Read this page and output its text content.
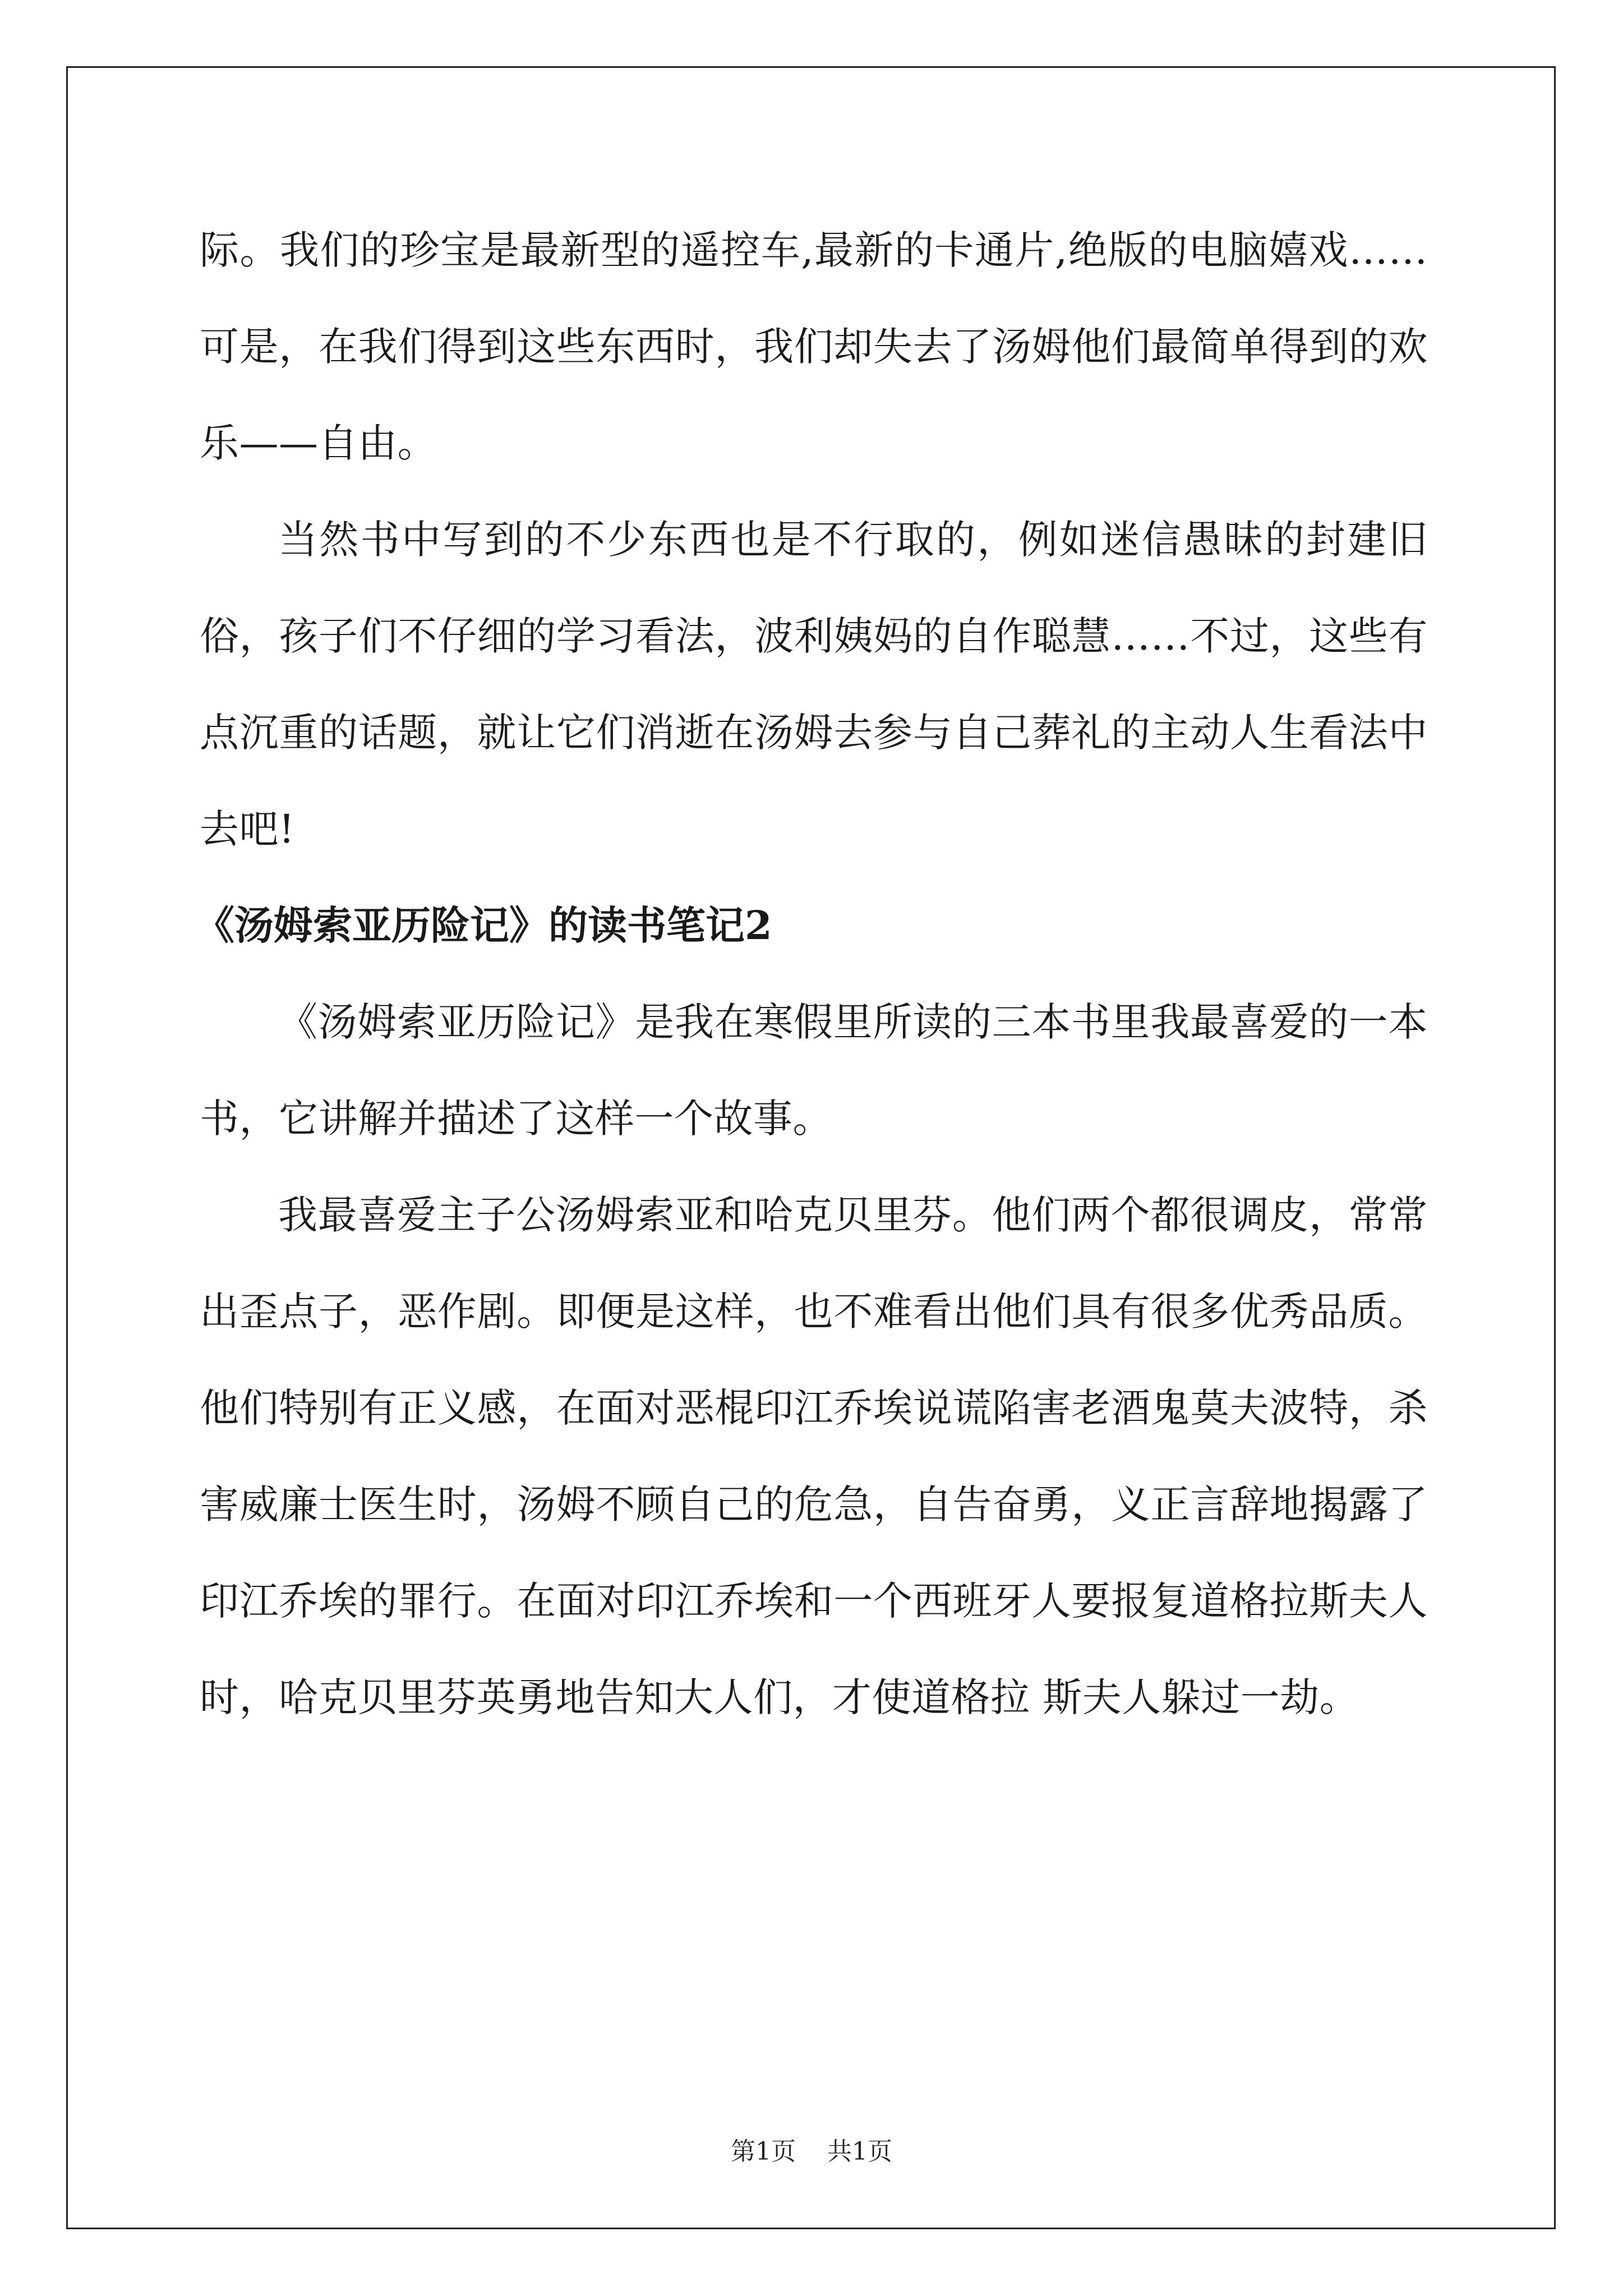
际。我们的珍宝是最新型的遥控车,最新的卡通片,绝版的电脑嬉戏……可是，在我们得到这些东西时，我们却失去了汤姆他们最简单得到的欢乐——自由。

当然书中写到的不少东西也是不行取的，例如迷信愚昧的封建旧俗，孩子们不仔细的学习看法，波利姨妈的自作聪慧……不过，这些有点沉重的话题，就让它们消逝在汤姆去参与自己葬礼的主动人生看法中去吧!

《汤姆索亚历险记》的读书笔记2

《汤姆索亚历险记》是我在寒假里所读的三本书里我最喜爱的一本书，它讲解并描述了这样一个故事。

我最喜爱主子公汤姆索亚和哈克贝里芬。他们两个都很调皮，常常出歪点子，恶作剧。即便是这样，也不难看出他们具有很多优秀品质。他们特别有正义感，在面对恶棍印江乔埃说谎陷害老酒鬼莫夫波特，杀害威廉士医生时，汤姆不顾自己的危急，自告奋勇，义正言辞地揭露了印江乔埃的罪行。在面对印江乔埃和一个西班牙人要报复道格拉斯夫人时，哈克贝里芬英勇地告知大人们，才使道格拉 斯夫人躲过一劫。

第1页 共1页
